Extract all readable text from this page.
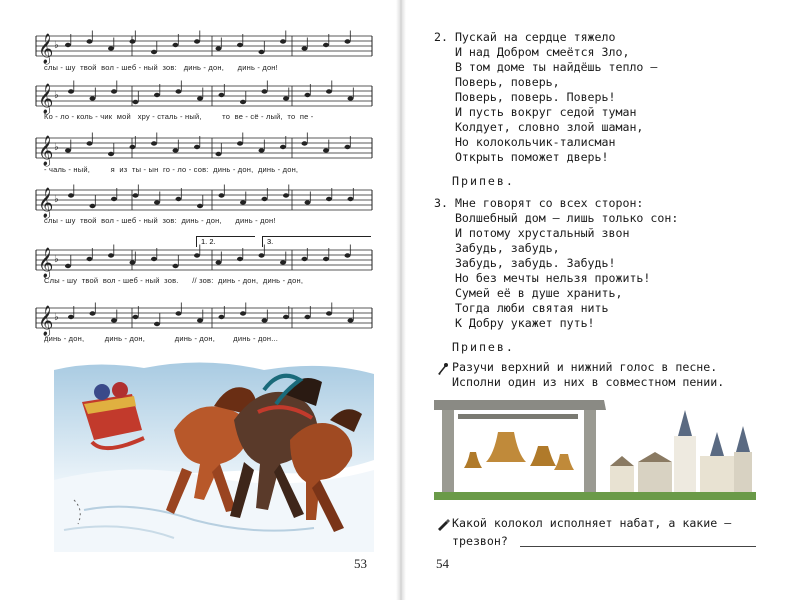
𝄞 ♭
𝄞 ♭
𝄞 ♭
𝄞 ♭
𝄞 ♭
𝄞 ♭
слы - шу  твой  вол - шеб - ный  зов:   динь - дон,      динь - дон!
Ко - ло - коль - чик  мой   хру - сталь - ный,         то  ве - сё - лый,  то  пе -
- чаль - ный,         я  из  ты - ын  го - ло - сов:  динь - дон,  динь - дон,
слы - шу  твой  вол - шеб - ный  зов:  динь - дон,      динь - дон!
Слы - шу  твой  вол - шеб - ный  зов.      // зов:  динь - дон,  динь - дон,
динь - дон,         динь - дон,             динь - дон,        динь - дон...
1. 2.	3.
53
2. Пускай на сердце тяжело
И над Добром смеётся Зло,
В том доме ты найдёшь тепло —
Поверь, поверь,
Поверь, поверь. Поверь!
И пусть вокруг седой туман
Колдует, словно злой шаман,
Но колокольчик-талисман
Открыть поможет дверь!
Припев.
3. Мне говорят со всех сторон:
Волшебный дом — лишь только сон:
И потому хрустальный звон
Забудь, забудь,
Забудь, забудь. Забудь!
Но без мечты нельзя прожить!
Сумей её в душе хранить,
Тогда люби святая нить
К Добру укажет путь!
Припев.
Разучи верхний и нижний голос в песне.
Исполни один из них в совместном пении.
Какой колокол исполняет набат, а какие —
трезвон?
54
